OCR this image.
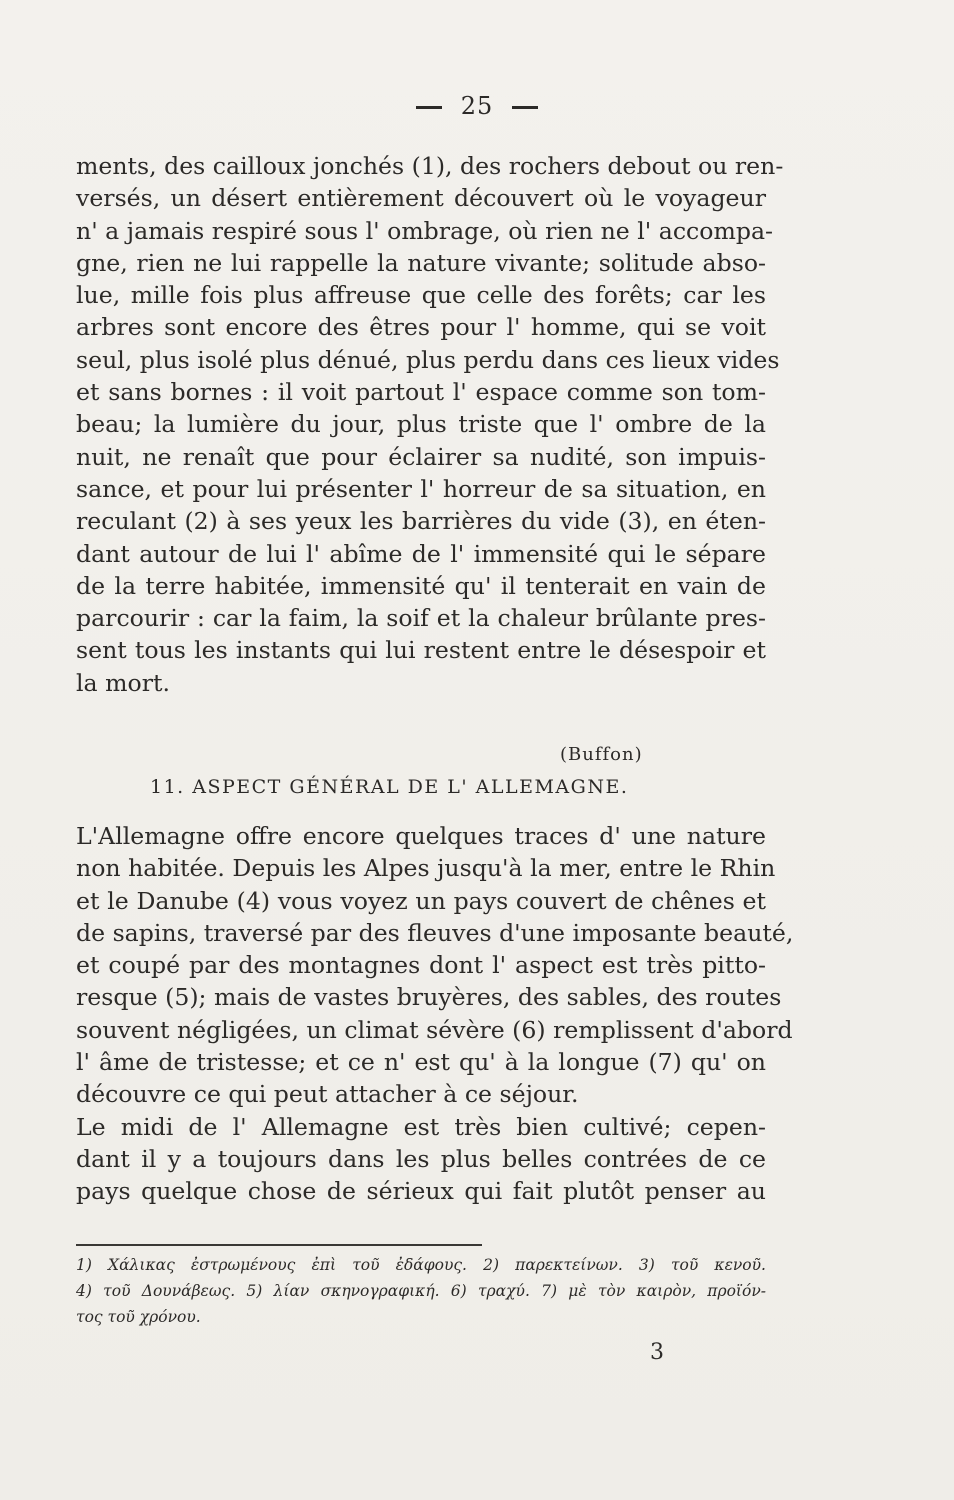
25
ments, des cailloux jonchés (1), des rochers debout ou ren-
versés, un désert entièrement découvert où le voyageur
n' a jamais respiré sous l' ombrage, où rien ne l' accompa-
gne, rien ne lui rappelle la nature vivante; solitude abso-
lue, mille fois plus affreuse que celle des forêts; car les
arbres sont encore des êtres pour l' homme, qui se voit
seul, plus isolé plus dénué, plus perdu dans ces lieux vides
et sans bornes : il voit partout l' espace comme son tom-
beau; la lumière du jour, plus triste que l' ombre de la
nuit, ne renaît que pour éclairer sa nudité, son impuis-
sance, et pour lui présenter l' horreur de sa situation, en
reculant (2) à ses yeux les barrières du vide (3), en éten-
dant autour de lui l' abîme de l' immensité qui le sépare
de la terre habitée, immensité qu' il tenterait en vain de
parcourir : car la faim, la soif et la chaleur brûlante pres-
sent tous les instants qui lui restent entre le désespoir et
la mort.
(Buffon)
11. ASPECT GÉNÉRAL DE L' ALLEMAGNE.
L'Allemagne offre encore quelques traces d' une nature
non habitée. Depuis les Alpes jusqu'à la mer, entre le Rhin
et le Danube (4) vous voyez un pays couvert de chênes et
de sapins, traversé par des fleuves d'une imposante beauté,
et coupé par des montagnes dont l' aspect est très pitto-
resque (5); mais de vastes bruyères, des sables, des routes
souvent négligées, un climat sévère (6) remplissent d'abord
l' âme de tristesse; et ce n' est qu' à la longue (7) qu' on
découvre ce qui peut attacher à ce séjour.
Le midi de l' Allemagne est très bien cultivé; cepen-
dant il y a toujours dans les plus belles contrées de ce
pays quelque chose de sérieux qui fait plutôt penser au
1) Χάλικας ἐστρωμένους ἐπὶ τοῦ ἐδάφους. 2) παρεκτείνων. 3) τοῦ κενοῦ.
4) τοῦ Δουνάβεως. 5) λίαν σκηνογραφική. 6) τραχύ. 7) μὲ τὸν καιρὸν, προϊόν-
τος τοῦ χρόνου.
3
